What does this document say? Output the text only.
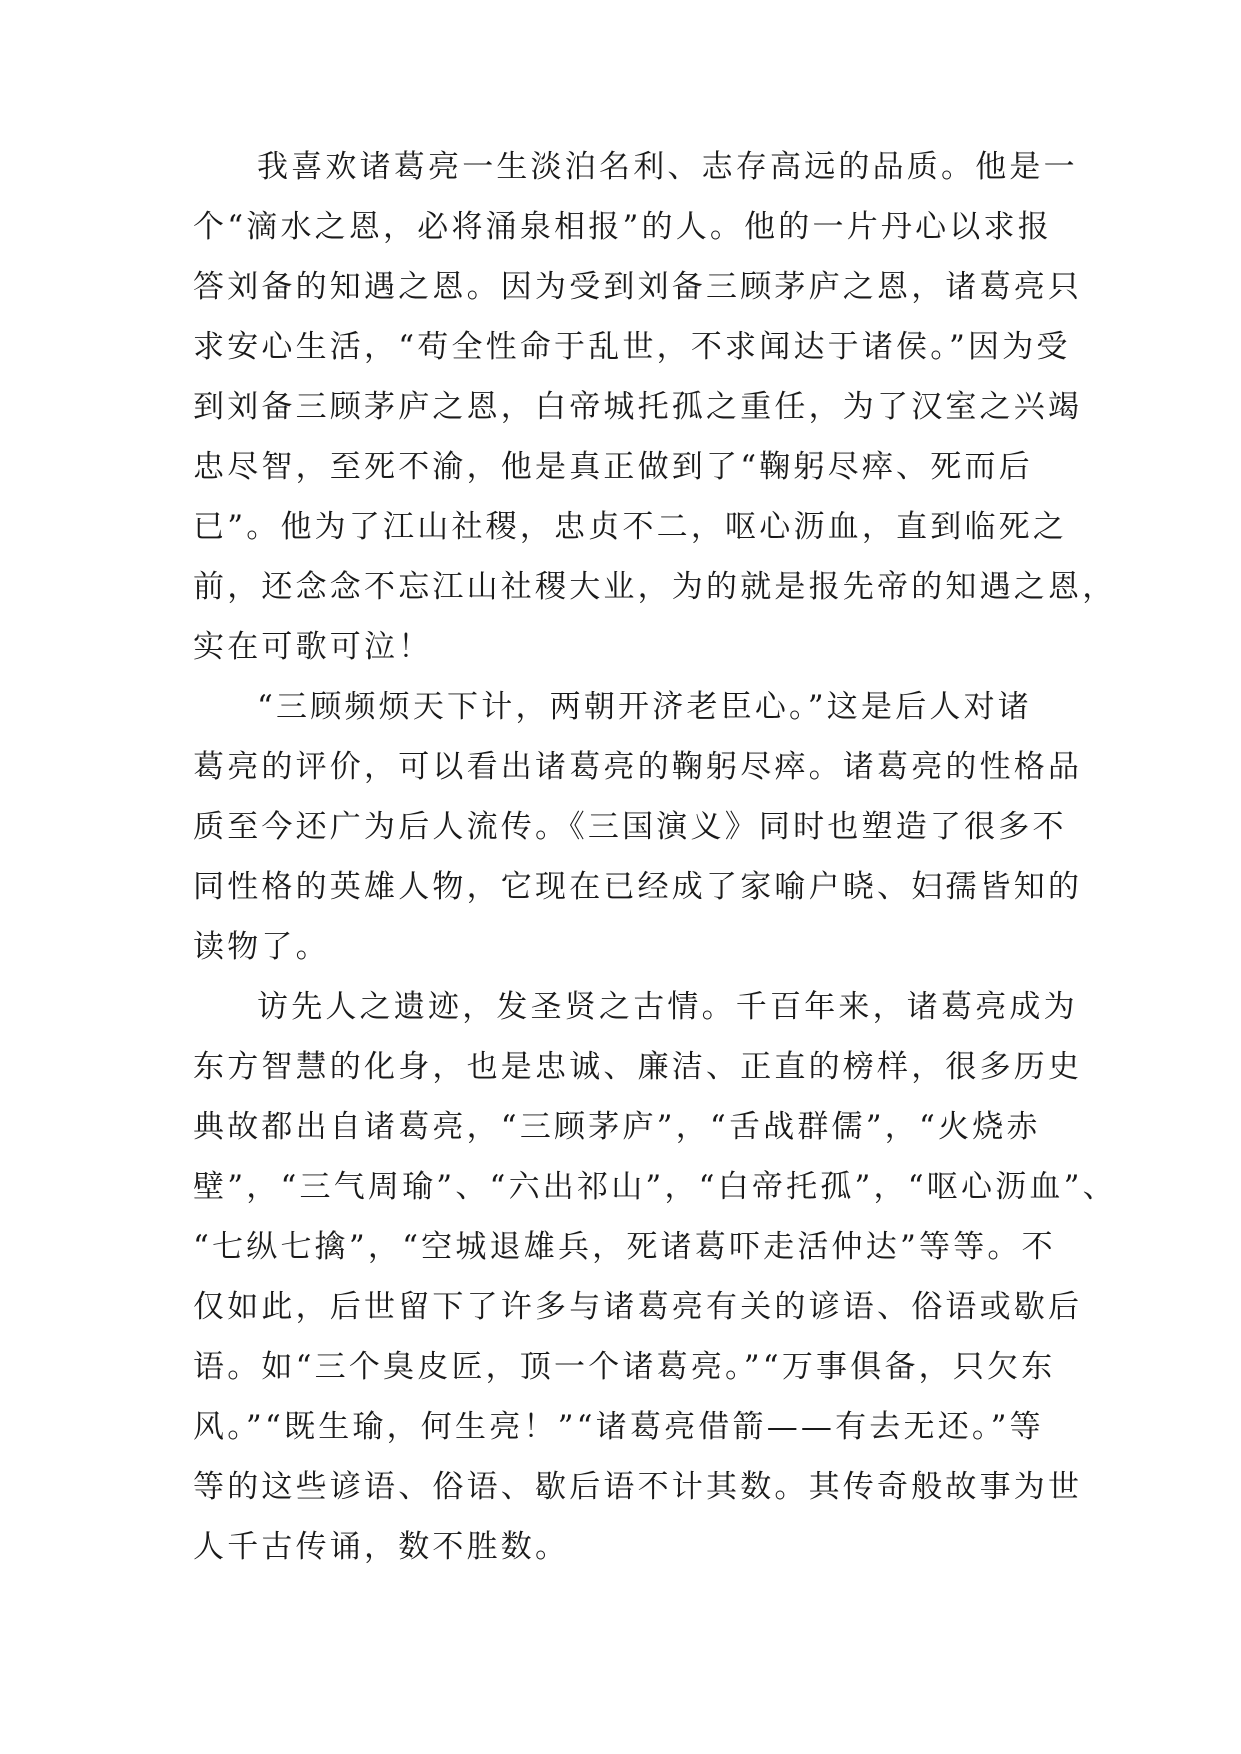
我喜欢诸葛亮一生淡泊名利、志存高远的品质。他是一
个“滴水之恩，必将涌泉相报”的人。他的一片丹心以求报
答刘备的知遇之恩。因为受到刘备三顾茅庐之恩，诸葛亮只
求安心生活，“苟全性命于乱世，不求闻达于诸侯。”因为受
到刘备三顾茅庐之恩，白帝城托孤之重任，为了汉室之兴竭
忠尽智，至死不渝，他是真正做到了“鞠躬尽瘁、死而后
已”。他为了江山社稷，忠贞不二，呕心沥血，直到临死之
前，还念念不忘江山社稷大业，为的就是报先帝的知遇之恩，
实在可歌可泣！
“三顾频烦天下计，两朝开济老臣心。”这是后人对诸
葛亮的评价，可以看出诸葛亮的鞠躬尽瘁。诸葛亮的性格品
质至今还广为后人流传。《三国演义》同时也塑造了很多不
同性格的英雄人物，它现在已经成了家喻户晓、妇孺皆知的
读物了。
访先人之遗迹，发圣贤之古情。千百年来，诸葛亮成为
东方智慧的化身，也是忠诚、廉洁、正直的榜样，很多历史
典故都出自诸葛亮，“三顾茅庐”，“舌战群儒”，“火烧赤
壁”，“三气周瑜”、“六出祁山”，“白帝托孤”，“呕心沥血”、
“七纵七擒”，“空城退雄兵，死诸葛吓走活仲达”等等。不
仅如此，后世留下了许多与诸葛亮有关的谚语、俗语或歇后
语。如“三个臭皮匠，顶一个诸葛亮。”“万事俱备，只欠东
风。”“既生瑜，何生亮！”“诸葛亮借箭——有去无还。”等
等的这些谚语、俗语、歇后语不计其数。其传奇般故事为世
人千古传诵，数不胜数。
